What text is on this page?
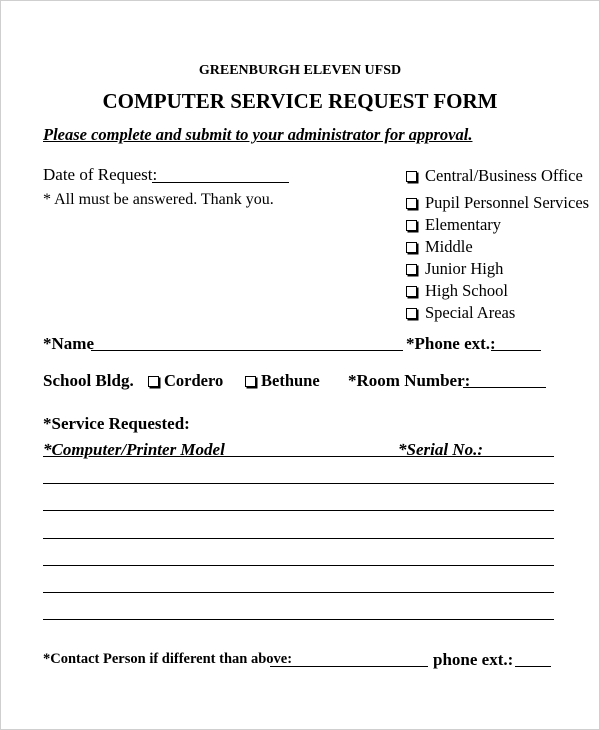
GREENBURGH ELEVEN UFSD
COMPUTER SERVICE REQUEST FORM
Please complete and submit to your administrator for approval.
Date of Request:
* All must be answered. Thank you.
Central/Business Office
Pupil Personnel Services
Elementary
Middle
Junior High
High School
Special Areas
*Name	*Phone ext.:
School Bldg. Cordero Bethune *Room Number:
*Service Requested:
*Computer/Printer Model	*Serial No.:
*Contact Person if different than above:	phone ext.:
